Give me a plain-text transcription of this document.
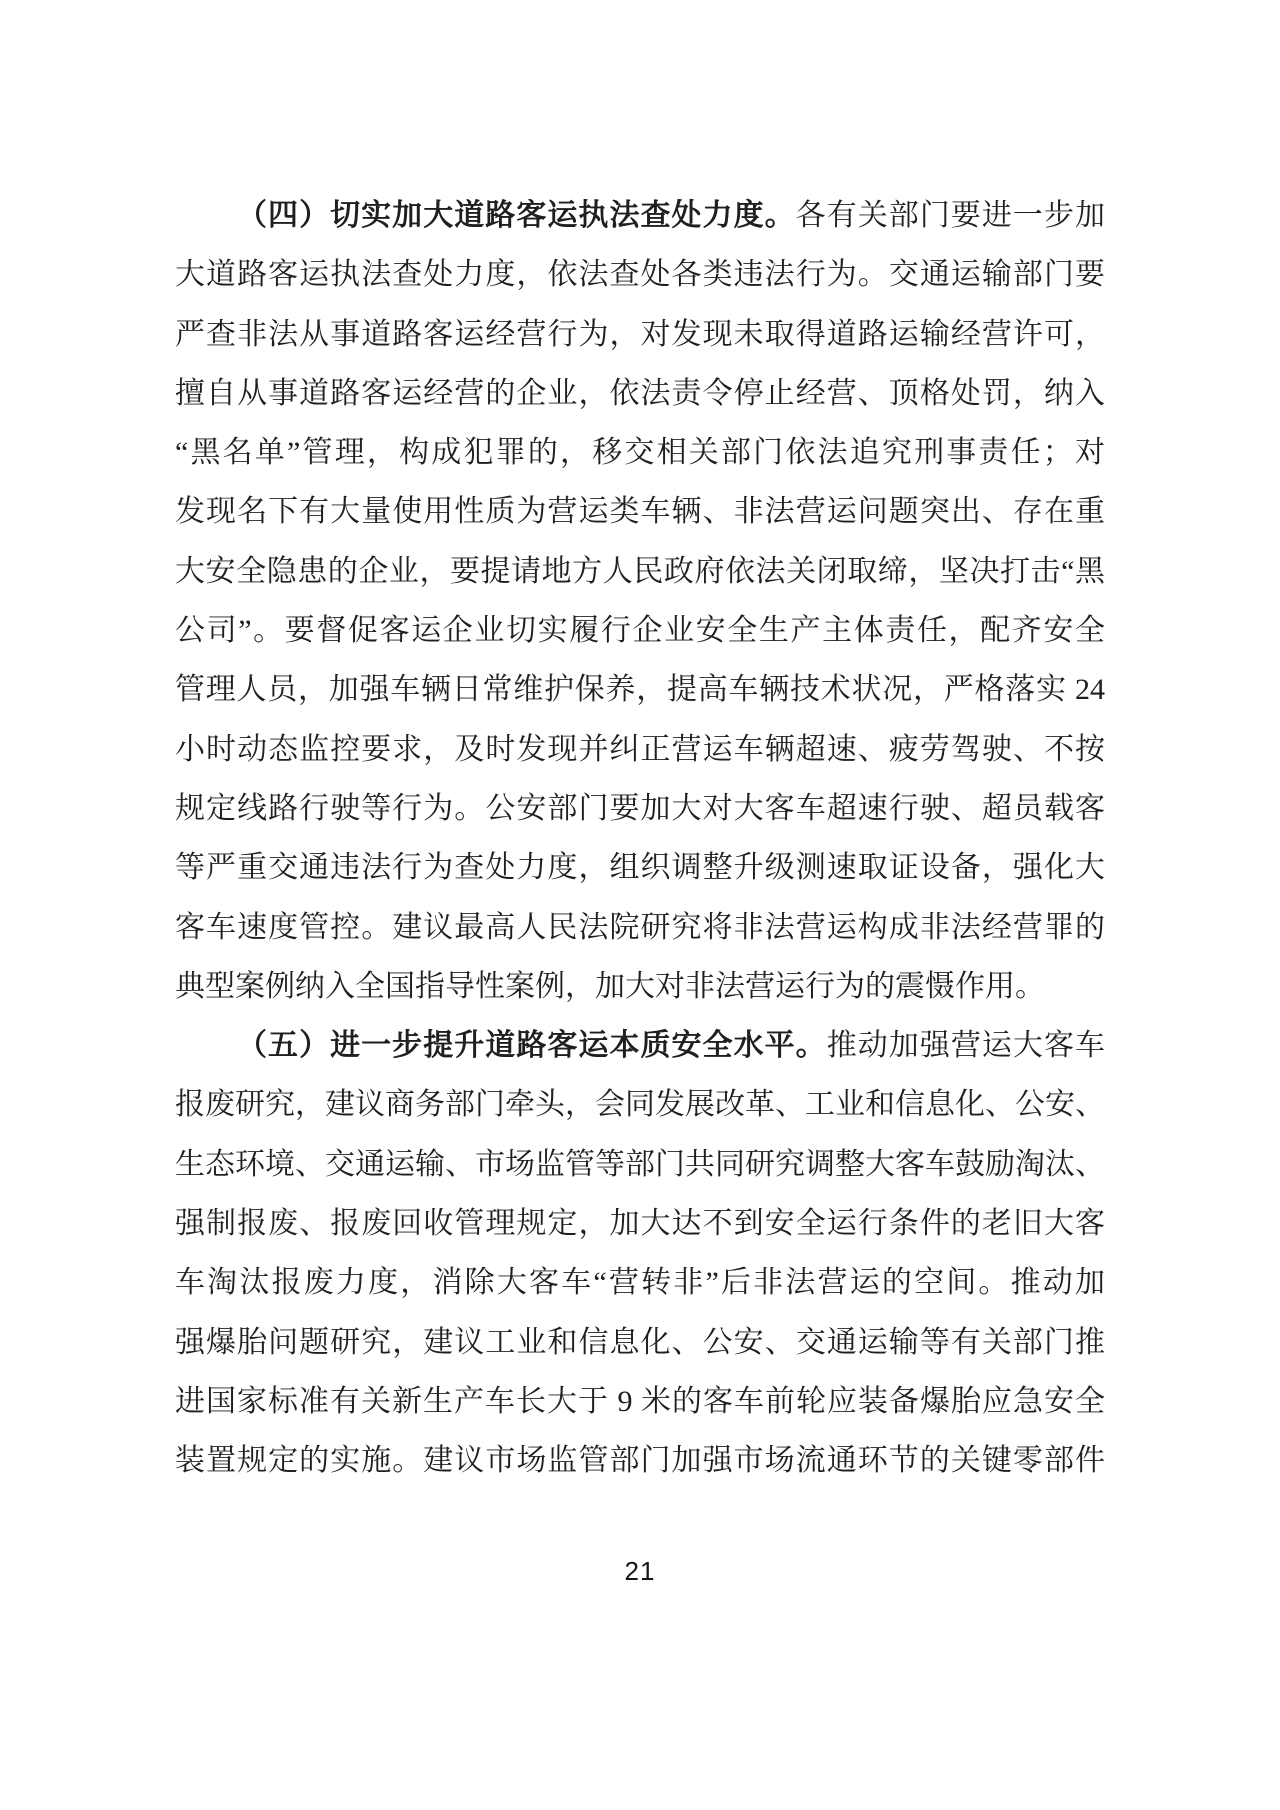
（四）切实加大道路客运执法查处力度。各有关部门要进一步加
大道路客运执法查处力度，依法查处各类违法行为。交通运输部门要
严查非法从事道路客运经营行为，对发现未取得道路运输经营许可，
擅自从事道路客运经营的企业，依法责令停止经营、顶格处罚，纳入
“黑名单”管理，构成犯罪的，移交相关部门依法追究刑事责任；对
发现名下有大量使用性质为营运类车辆、非法营运问题突出、存在重
大安全隐患的企业，要提请地方人民政府依法关闭取缔，坚决打击“黑
公司”。要督促客运企业切实履行企业安全生产主体责任，配齐安全
管理人员，加强车辆日常维护保养，提高车辆技术状况，严格落实 24
小时动态监控要求，及时发现并纠正营运车辆超速、疲劳驾驶、不按
规定线路行驶等行为。公安部门要加大对大客车超速行驶、超员载客
等严重交通违法行为查处力度，组织调整升级测速取证设备，强化大
客车速度管控。建议最高人民法院研究将非法营运构成非法经营罪的
典型案例纳入全国指导性案例，加大对非法营运行为的震慑作用。
（五）进一步提升道路客运本质安全水平。推动加强营运大客车
报废研究，建议商务部门牵头，会同发展改革、工业和信息化、公安、
生态环境、交通运输、市场监管等部门共同研究调整大客车鼓励淘汰、
强制报废、报废回收管理规定，加大达不到安全运行条件的老旧大客
车淘汰报废力度，消除大客车“营转非”后非法营运的空间。推动加
强爆胎问题研究，建议工业和信息化、公安、交通运输等有关部门推
进国家标准有关新生产车长大于 9 米的客车前轮应装备爆胎应急安全
装置规定的实施。建议市场监管部门加强市场流通环节的关键零部件
21
